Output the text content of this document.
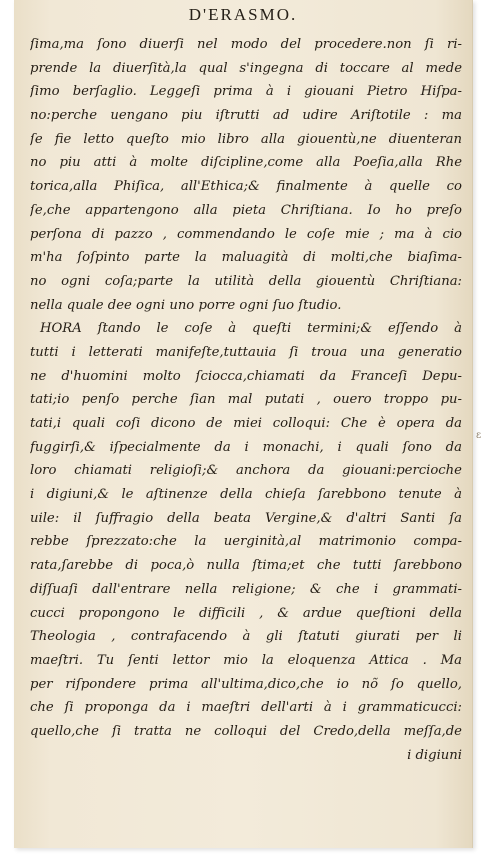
D'ERASMO.
ſima,ma ſono diuerſi nel modo del procedere.non ſi ri-
prende la diuerſità,la qual s'ingegna di toccare al mede
ſimo berſaglio. Leggeſi prima à i giouani Pietro Hiſpa-
no:perche uengano piu iſtrutti ad udire Ariſtotile : ma
ſe fie letto queſto mio libro alla giouentù,ne diuenteran
no piu atti à molte diſcipline,come alla Poeſia,alla Rhe
torica,alla Phiſica, all'Ethica;& finalmente à quelle co
ſe,che appartengono alla pieta Chriſtiana. Io ho preſo
perſona di pazzo , commendando le coſe mie ; ma à cio
m'ha ſoſpinto parte la maluagità di molti,che biaſima-
no ogni coſa;parte la utilità della giouentù Chriſtiana:
nella quale dee ogni uno porre ogni ſuo ſtudio.
HORA ſtando le coſe à queſti termini;& eſſendo à
tutti i letterati manifeſte,tuttauia ſi troua una generatio
ne d'huomini molto ſciocca,chiamati da Franceſi Depu-
tati;io penſo perche ſian mal putati , ouero troppo pu-
tati,i quali coſi dicono de miei colloqui: Che è opera da
fuggirſi,& iſpecialmente da i monachi, i quali ſono da
loro chiamati religioſi;& anchora da giouani:percioche
i digiuni,& le aſtinenze della chieſa ſarebbono tenute à
uile: il ſuffragio della beata Vergine,& d'altri Santi ſa
rebbe ſprezzato:che la uerginità,al matrimonio compa-
rata,ſarebbe di poca,ò nulla ſtima;et che tutti ſarebbono
diſſuaſi dall'entrare nella religione; & che i grammati-
cucci propongono le difficili , & ardue queſtioni della
Theologia , contrafacendo à gli ſtatuti giurati per li
maeſtri. Tu ſenti lettor mio la eloquenza Attica . Ma
per riſpondere prima all'ultima,dico,che io nõ ſo quello,
che ſi proponga da i maeſtri dell'arti à i grammaticucci:
quello,che ſi tratta ne colloqui del Credo,della meſſa,de
i digiuni
ε
